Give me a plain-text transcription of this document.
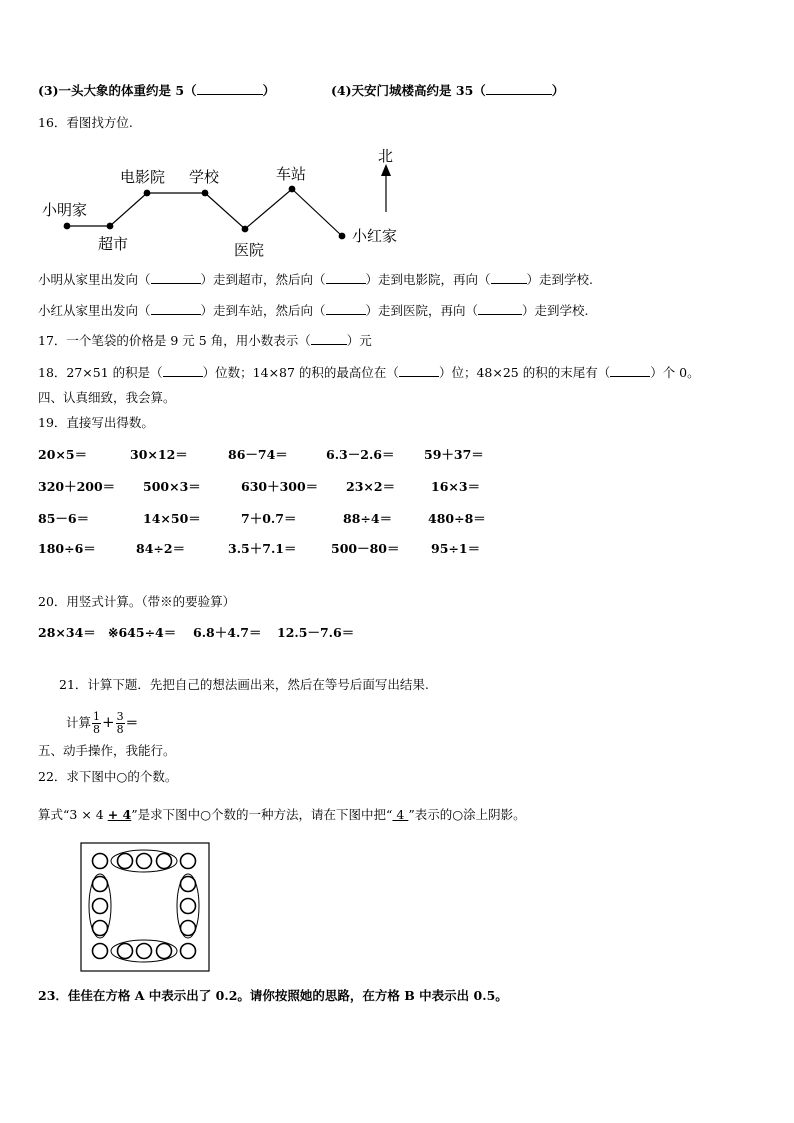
(3)一头大象的体重约是 5（	）	(4)天安门城楼高约是 35（	）
16．看图找方位.
小明家
超市
电影院 学校
医院
车站
小红家
北
小明从家里出发向（	）走到超市，然后向（	）走到电影院，再向（	）走到学校.
小红从家里出发向（	）走到车站，然后向（	）走到医院，再向（	）走到学校.
17．一个笔袋的价格是 9 元 5 角，用小数表示（	）元
18．27×51 的积是（	）位数；14×87 的积的最高位在（	）位；48×25 的积的末尾有（	）个 0。
四、认真细致，我会算。
19．直接写出得数。
20×5＝	30×12＝	86－74＝	6.3－2.6＝ 59＋37＝
320＋200＝ 500×3＝	630＋300＝ 23×2＝	16×3＝
85－6＝	14×50＝	7＋0.7＝	88÷4＝	480÷8＝
180÷6＝	84÷2＝	3.5＋7.1＝	500－80＝	95÷1＝
20．用竖式计算。（带※的要验算）
28×34＝ ※645÷4＝ 6.8＋4.7＝ 12.5－7.6＝
21．计算下题．先把自己的想法画出来，然后在等号后面写出结果.
计算 $\frac{1}{8} + \frac{3}{8}$ ＝
五、动手操作，我能行。
22．求下图中○的个数。
算式“3 × 4 + 4”是求下图中○个数的一种方法，请在下图中把“ 4 ”表示的○涂上阴影。
23．佳佳在方格 A 中表示出了 0.2。请你按照她的思路，在方格 B 中表示出 0.5。
